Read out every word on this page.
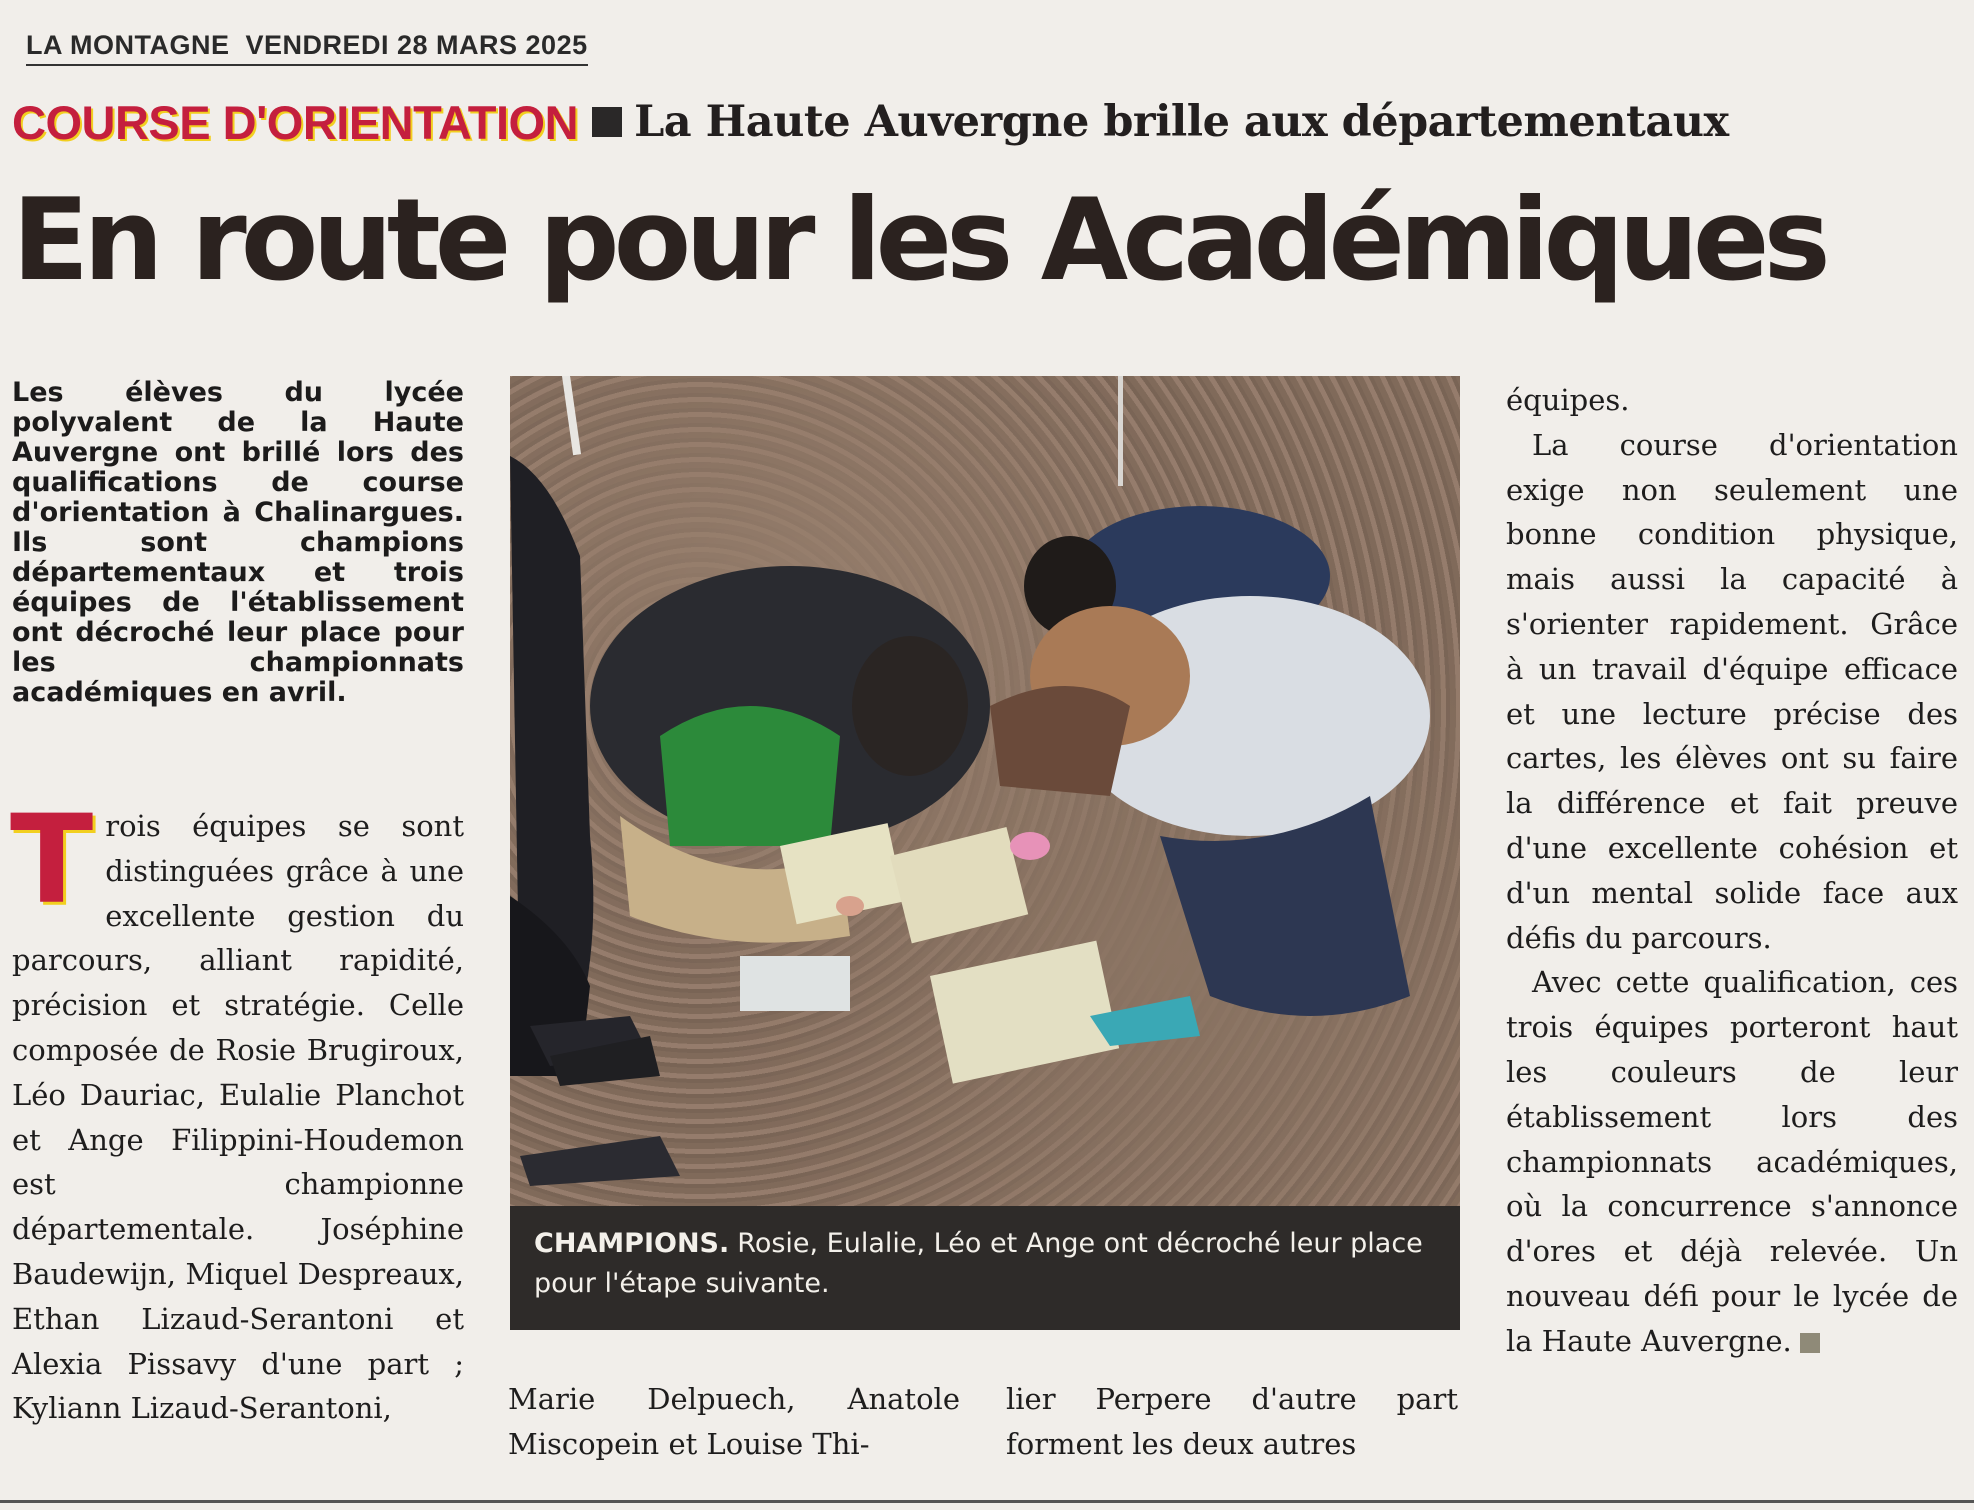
LA MONTAGNE VENDREDI 28 MARS 2025
COURSE D'ORIENTATION La Haute Auvergne brille aux départementaux
En route pour les Académiques
Les élèves du lycée polyvalent de la Haute Auvergne ont brillé lors des qualifications de course d'orientation à Chalinargues. Ils sont champions départementaux et trois équipes de l'établissement ont décroché leur place pour les championnats académiques en avril.

Trois équipes se sont distinguées grâce à une excellente gestion du parcours, alliant rapidité, précision et stratégie. Celle composée de Rosie Brugiroux, Léo Dauriac, Eulalie Planchot et Ange Filippini-Houdemon est championne départementale. Joséphine Baudewijn, Miquel Despreaux, Ethan Lizaud-Serantoni et Alexia Pissavy d'une part ; Kyliann Lizaud-Serantoni,

CHAMPIONS. Rosie, Eulalie, Léo et Ange ont décroché leur place pour l'étape suivante.

Marie Delpuech, Anatole Miscopein et Louise Thi-

lier Perpere d'autre part forment les deux autres

équipes.

La course d'orientation exige non seulement une bonne condition physique, mais aussi la capacité à s'orienter rapidement. Grâce à un travail d'équipe efficace et une lecture précise des cartes, les élèves ont su faire la différence et fait preuve d'une excellente cohésion et d'un mental solide face aux défis du parcours.

Avec cette qualification, ces trois équipes porteront haut les couleurs de leur établissement lors des championnats académiques, où la concurrence s'annonce d'ores et déjà relevée. Un nouveau défi pour le lycée de la Haute Auvergne.
